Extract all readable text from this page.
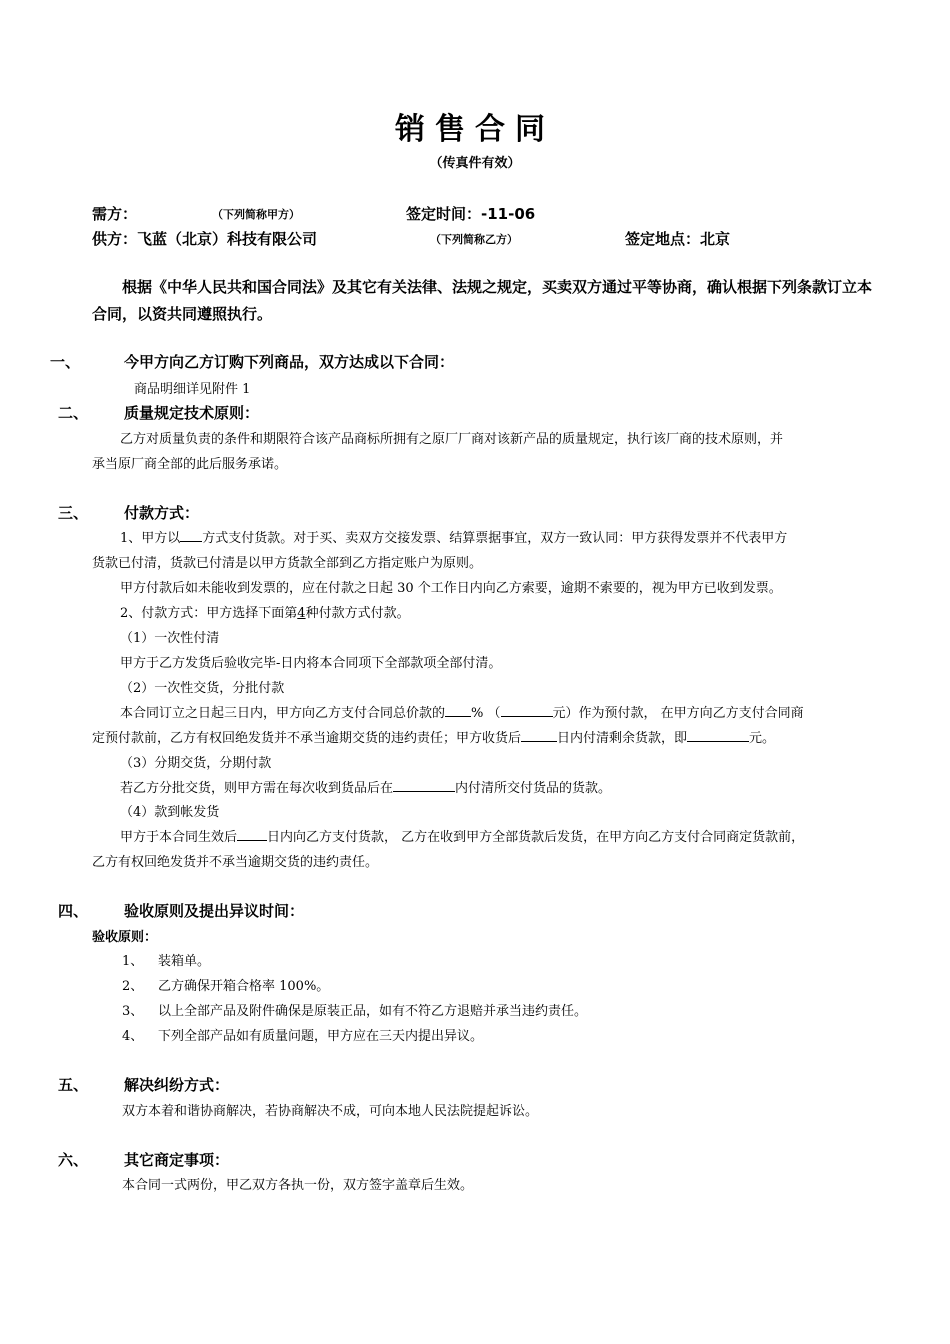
销售合同
（传真件有效）
需方：	（下列简称甲方）	签定时间：-11-06
供方：飞蓝（北京）科技有限公司	（下列简称乙方）	签定地点：北京

根据《中华人民共和国合同法》及其它有关法律、法规之规定，买卖双方通过平等协商，确认根据下列条款订立本合同，以资共同遵照执行。

一、	今甲方向乙方订购下列商品，双方达成以下合同：
商品明细详见附件 1
二、 质量规定技术原则：
乙方对质量负责的条件和期限符合该产品商标所拥有之原厂厂商对该新产品的质量规定，执行该厂商的技术原则，并
承当原厂商全部的此后服务承诺。
三、 付款方式：
1、甲方以 方式支付货款。对于买、卖双方交接发票、结算票据事宜，双方一致认同：甲方获得发票并不代表甲方
货款已付清，货款已付清是以甲方货款全部到乙方指定账户为原则。
甲方付款后如未能收到发票的，应在付款之日起 30 个工作日内向乙方索要，逾期不索要的，视为甲方已收到发票。
2、付款方式：甲方选择下面第4种付款方式付款。
（1）一次性付清
甲方于乙方发货后验收完毕-日内将本合同项下全部款项全部付清。
（2）一次性交货，分批付款
本合同订立之日起三日内，甲方向乙方支付合同总价款的 % （	元）作为预付款， 在甲方向乙方支付合同商
定预付款前，乙方有权回绝发货并不承当逾期交货的违约责任；甲方收货后	日内付清剩余货款，即	元。
（3）分期交货，分期付款
若乙方分批交货，则甲方需在每次收到货品后在	内付清所交付货品的货款。
（4）款到帐发货
甲方于本合同生效后 日内向乙方支付货款， 乙方在收到甲方全部货款后发货，在甲方向乙方支付合同商定货款前，
乙方有权回绝发货并不承当逾期交货的违约责任。
四、 验收原则及提出异议时间：
验收原则：
1、 装箱单。
2、 乙方确保开箱合格率 100%。
3、 以上全部产品及附件确保是原装正品，如有不符乙方退赔并承当违约责任。
4、 下列全部产品如有质量问题，甲方应在三天内提出异议。
五、 解决纠纷方式：
双方本着和谐协商解决，若协商解决不成，可向本地人民法院提起诉讼。
六、 其它商定事项：
本合同一式两份，甲乙双方各执一份，双方签字盖章后生效。
